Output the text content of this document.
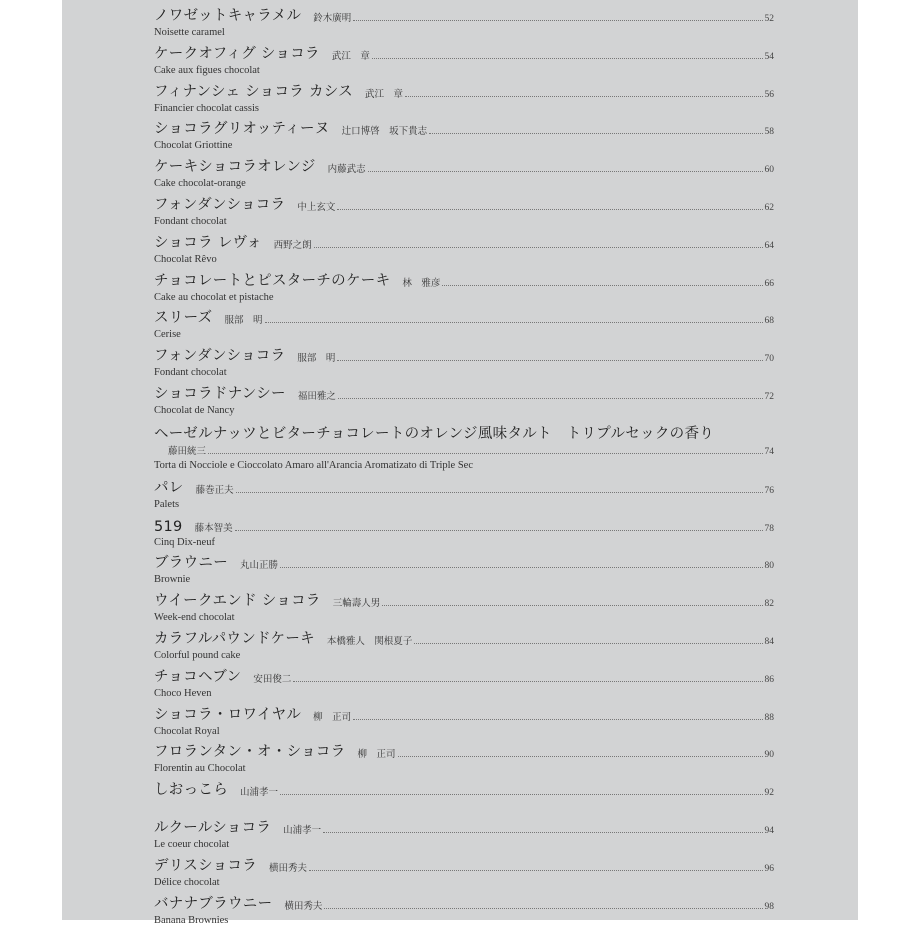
ノワゼットキャラメル 鈴木廣明	52
Noisette caramel
ケークオフィグ ショコラ 武江　章	54
Cake aux figues chocolat
フィナンシェ ショコラ カシス 武江　章	56
Financier chocolat cassis
ショコラグリオッティーヌ 辻口博啓　坂下貴志	58
Chocolat Griottine
ケーキショコラオレンジ 内藤武志	60
Cake chocolat-orange
フォンダンショコラ 中上玄文	62
Fondant chocolat
ショコラ レヴォ 西野之朗	64
Chocolat Rêvo
チョコレートとピスターチのケーキ 林　雅彦	66
Cake au chocolat et pistache
スリーズ 服部　明	68
Cerise
フォンダンショコラ 服部　明	70
Fondant chocolat
ショコラドナンシー 福田雅之	72
Chocolat de Nancy
ヘーゼルナッツとビターチョコレートのオレンジ風味タルト　トリプルセックの香り
藤田統三	74
Torta di Nocciole e Cioccolato Amaro all'Arancia Aromatizato di Triple Sec
パレ 藤巻正夫	76
Palets
519 藤本智美	78
Cinq Dix-neuf
ブラウニー 丸山正勝	80
Brownie
ウイークエンド ショコラ 三輪壽人男	82
Week-end chocolat
カラフルパウンドケーキ 本橋雅人　関根夏子	84
Colorful pound cake
チョコヘブン 安田俊二	86
Choco Heven
ショコラ・ロワイヤル 柳　正司	88
Chocolat Royal
フロランタン・オ・ショコラ 柳　正司	90
Florentin au Chocolat
しおっこら 山浦孝一	92
ルクールショコラ 山浦孝一	94
Le coeur chocolat
デリスショコラ 横田秀夫	96
Délice chocolat
バナナブラウニー 横田秀夫	98
Banana Brownies
